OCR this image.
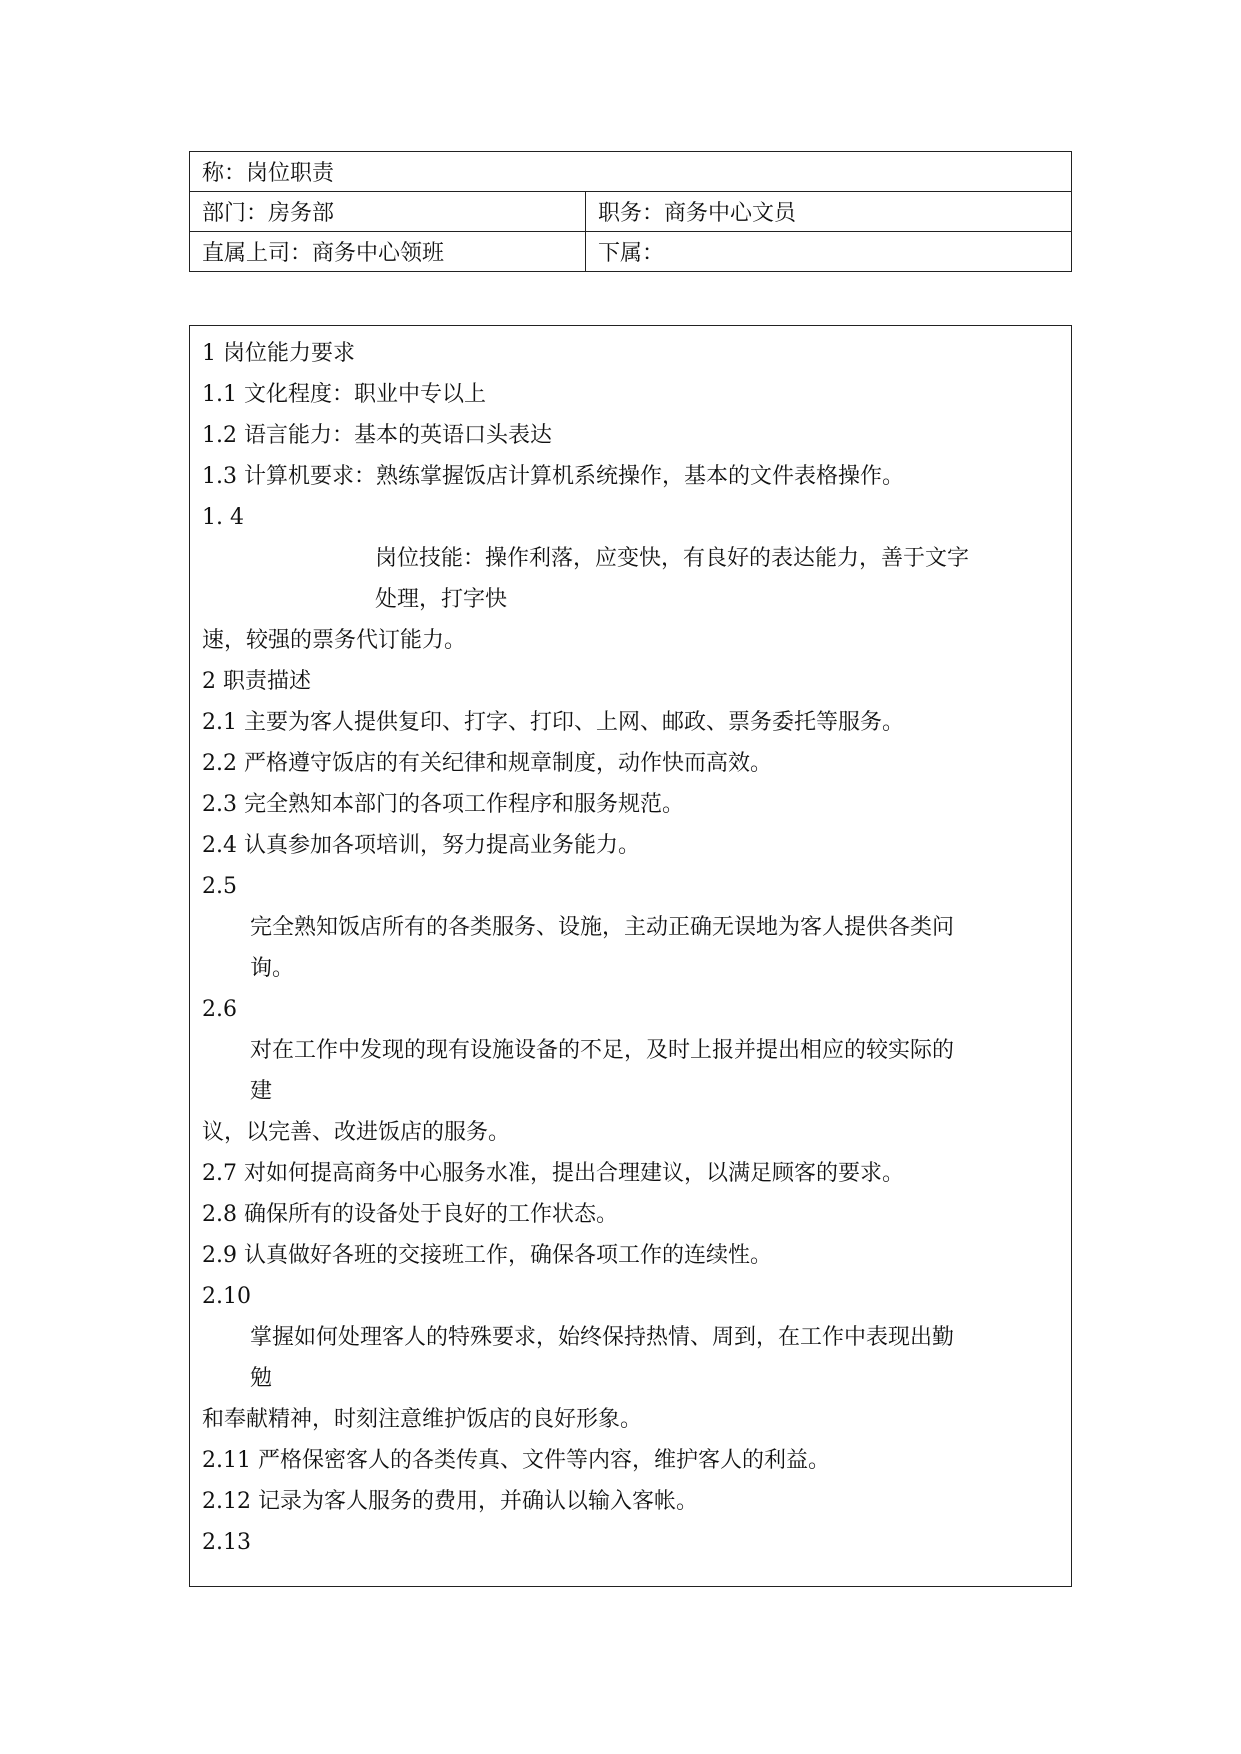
称：岗位职责	
部门：房务部	职务：商务中心文员
直属上司：商务中心领班	下属：
1 岗位能力要求
1.1 文化程度：职业中专以上
1.2 语言能力：基本的英语口头表达
1.3 计算机要求：熟练掌握饭店计算机系统操作，基本的文件表格操作。
1. 4
岗位技能：操作利落，应变快，有良好的表达能力，善于文字
处理，打字快
速，较强的票务代订能力。
2 职责描述
2.1 主要为客人提供复印、打字、打印、上网、邮政、票务委托等服务。
2.2 严格遵守饭店的有关纪律和规章制度，动作快而高效。
2.3 完全熟知本部门的各项工作程序和服务规范。
2.4 认真参加各项培训，努力提高业务能力。
2.5
完全熟知饭店所有的各类服务、设施，主动正确无误地为客人提供各类问
询。
2.6
对在工作中发现的现有设施设备的不足，及时上报并提出相应的较实际的
建
议，以完善、改进饭店的服务。
2.7 对如何提高商务中心服务水准，提出合理建议，以满足顾客的要求。
2.8 确保所有的设备处于良好的工作状态。
2.9 认真做好各班的交接班工作，确保各项工作的连续性。
2.10
掌握如何处理客人的特殊要求，始终保持热情、周到，在工作中表现出勤
勉
和奉献精神，时刻注意维护饭店的良好形象。
2.11 严格保密客人的各类传真、文件等内容，维护客人的利益。
2.12 记录为客人服务的费用，并确认以输入客帐。
2.13
